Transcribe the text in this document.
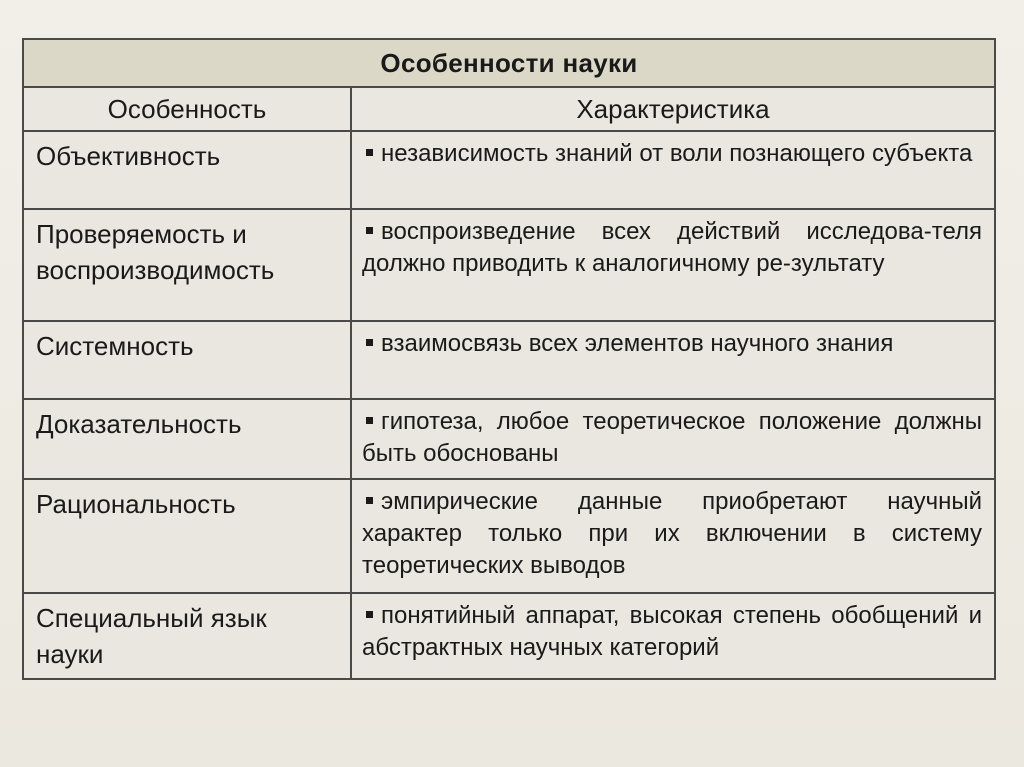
Особенности науки	
Особенность	Характеристика
Объективность	независимость знаний от воли познающего субъекта
Проверяемость и воспроизводимость	воспроизведение всех действий исследова-теля должно приводить к аналогичному ре-зультату
Системность	взаимосвязь всех элементов научного знания
Доказательность	гипотеза, любое теоретическое положение должны быть обоснованы
Рациональность	эмпирические данные приобретают научный характер только при их включении в систему теоретических выводов
Специальный язык науки	понятийный аппарат, высокая степень обобщений и абстрактных научных категорий
